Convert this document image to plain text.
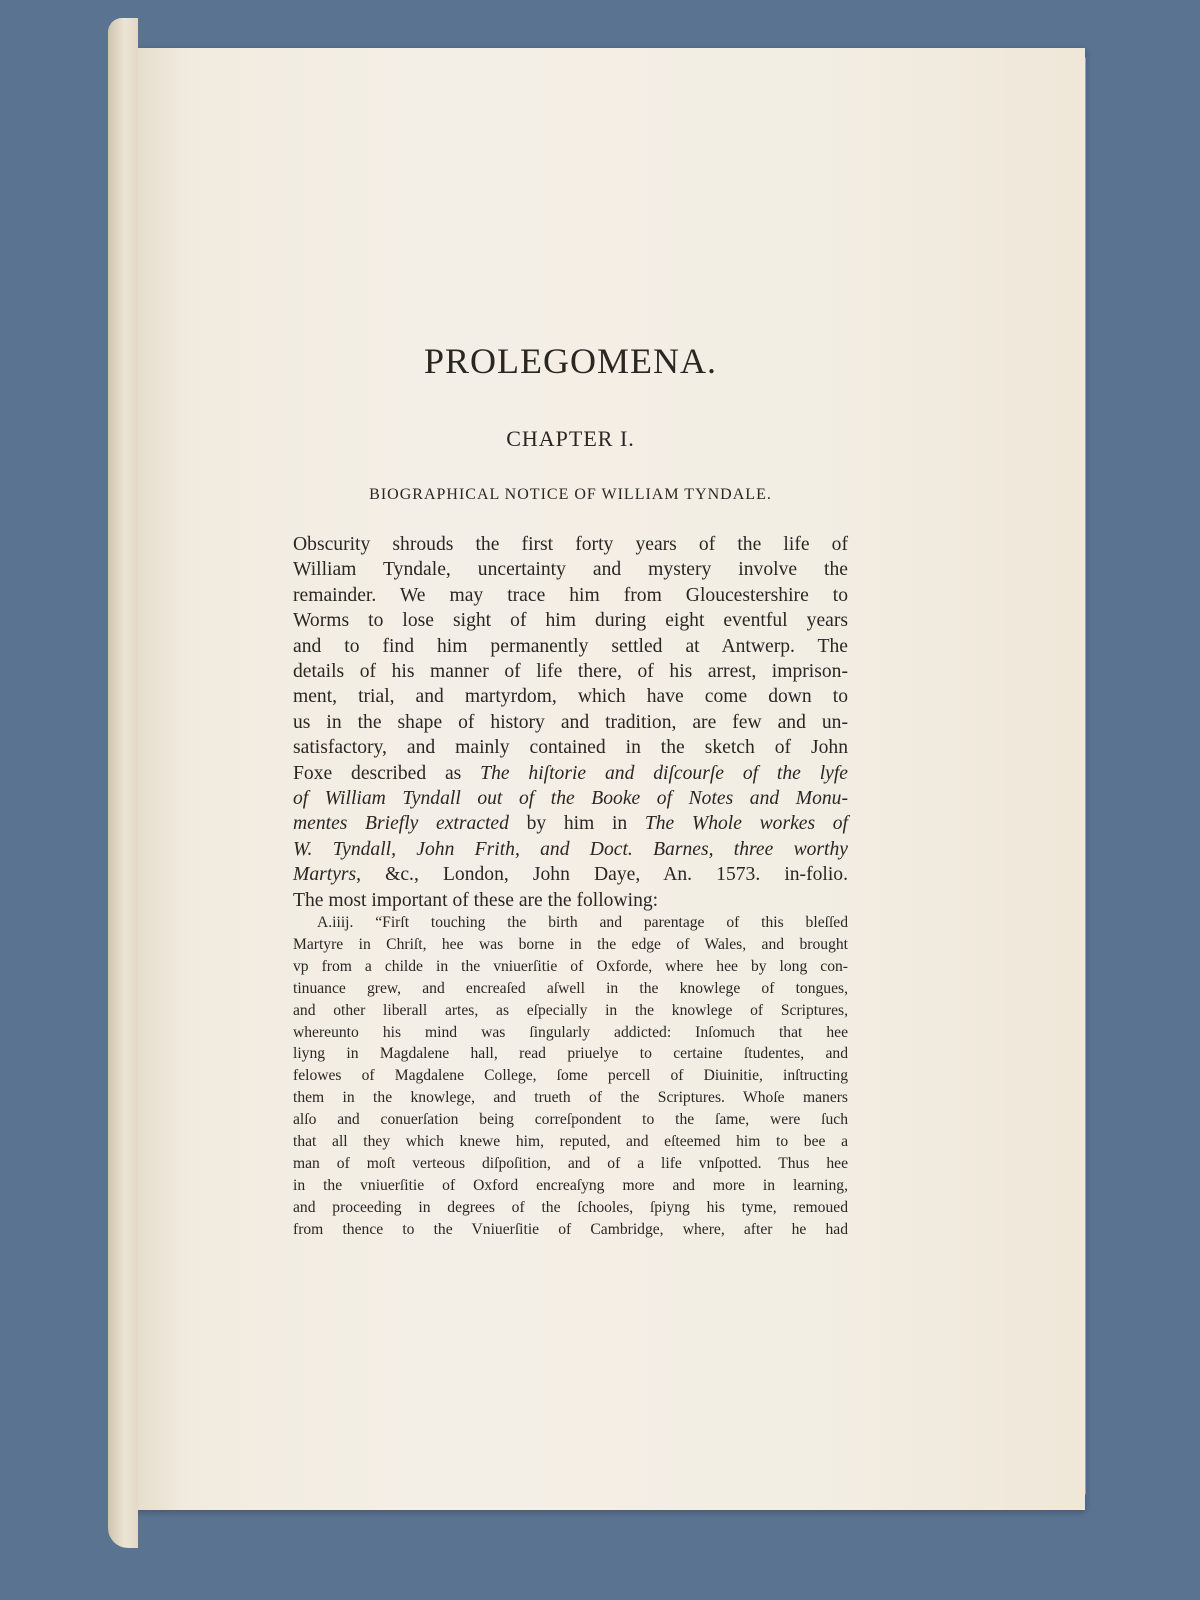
PROLEGOMENA.
CHAPTER I.
BIOGRAPHICAL NOTICE OF WILLIAM TYNDALE.
Obscurity shrouds the first forty years of the life of
William Tyndale, uncertainty and mystery involve the
remainder. We may trace him from Gloucestershire to
Worms to lose sight of him during eight eventful years
and to find him permanently settled at Antwerp. The
details of his manner of life there, of his arrest, imprison-
ment, trial, and martyrdom, which have come down to
us in the shape of history and tradition, are few and un-
satisfactory, and mainly contained in the sketch of John
Foxe described as The hiſtorie and diſcourſe of the lyfe
of William Tyndall out of the Booke of Notes and Monu-
mentes Briefly extracted by him in The Whole workes of
W. Tyndall, John Frith, and Doct. Barnes, three worthy
Martyrs, &c., London, John Daye, An. 1573. in-folio.
The most important of these are the following:
A.iiij. “Firſt touching the birth and parentage of this bleſſed
Martyre in Chriſt, hee was borne in the edge of Wales, and brought
vp from a childe in the vniuerſitie of Oxforde, where hee by long con-
tinuance grew, and encreaſed aſwell in the knowlege of tongues,
and other liberall artes, as eſpecially in the knowlege of Scriptures,
whereunto his mind was ſingularly addicted: Inſomuch that hee
liyng in Magdalene hall, read priuelye to certaine ſtudentes, and
felowes of Magdalene College, ſome percell of Diuinitie, inſtructing
them in the knowlege, and trueth of the Scriptures. Whoſe maners
alſo and conuerſation being correſpondent to the ſame, were ſuch
that all they which knewe him, reputed, and eſteemed him to bee a
man of moſt verteous diſpoſition, and of a life vnſpotted. Thus hee
in the vniuerſitie of Oxford encreaſyng more and more in learning,
and proceeding in degrees of the ſchooles, ſpiyng his tyme, remoued
from thence to the Vniuerſitie of Cambridge, where, after he had
